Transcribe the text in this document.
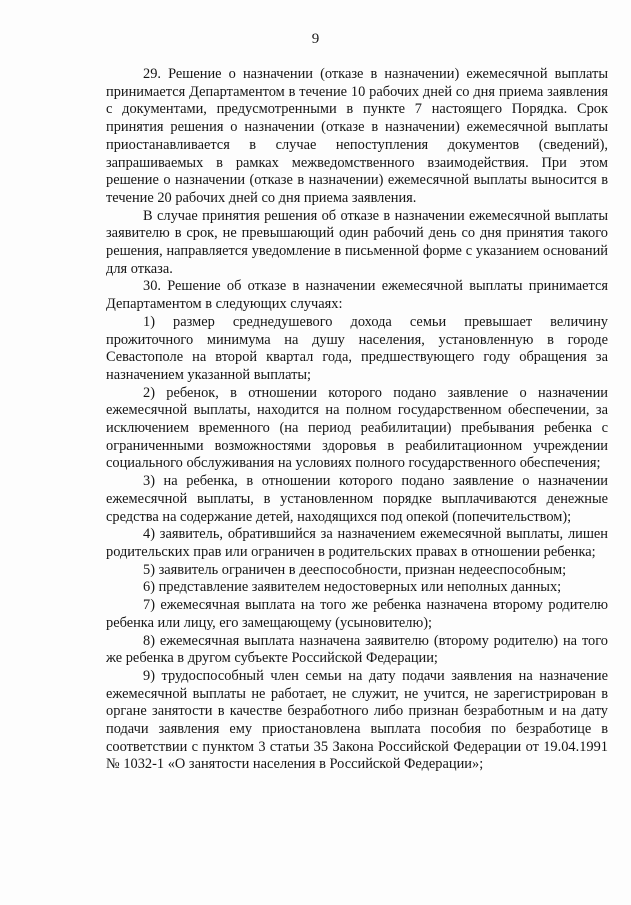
9

29. Решение о назначении (отказе в назначении) ежемесячной выплаты принимается Департаментом в течение 10 рабочих дней со дня приема заявления с документами, предусмотренными в пункте 7 настоящего Порядка. Срок принятия решения о назначении (отказе в назначении) ежемесячной выплаты приостанавливается в случае непоступления документов (сведений), запрашиваемых в рамках межведомственного взаимодействия. При этом решение о назначении (отказе в назначении) ежемесячной выплаты выносится в течение 20 рабочих дней со дня приема заявления.

В случае принятия решения об отказе в назначении ежемесячной выплаты заявителю в срок, не превышающий один рабочий день со дня принятия такого решения, направляется уведомление в письменной форме с указанием оснований для отказа.

30. Решение об отказе в назначении ежемесячной выплаты принимается Департаментом в следующих случаях:

1) размер среднедушевого дохода семьи превышает величину прожиточного минимума на душу населения, установленную в городе Севастополе на второй квартал года, предшествующего году обращения за назначением указанной выплаты;

2) ребенок, в отношении которого подано заявление о назначении ежемесячной выплаты, находится на полном государственном обеспечении, за исключением временного (на период реабилитации) пребывания ребенка с ограниченными возможностями здоровья в реабилитационном учреждении социального обслуживания на условиях полного государственного обеспечения;

3) на ребенка, в отношении которого подано заявление о назначении ежемесячной выплаты, в установленном порядке выплачиваются денежные средства на содержание детей, находящихся под опекой (попечительством);

4) заявитель, обратившийся за назначением ежемесячной выплаты, лишен родительских прав или ограничен в родительских правах в отношении ребенка;

5) заявитель ограничен в дееспособности, признан недееспособным;

6) представление заявителем недостоверных или неполных данных;

7) ежемесячная выплата на того же ребенка назначена второму родителю ребенка или лицу, его замещающему (усыновителю);

8) ежемесячная выплата назначена заявителю (второму родителю) на того же ребенка в другом субъекте Российской Федерации;

9) трудоспособный член семьи на дату подачи заявления на назначение ежемесячной выплаты не работает, не служит, не учится, не зарегистрирован в органе занятости в качестве безработного либо признан безработным и на дату подачи заявления ему приостановлена выплата пособия по безработице в соответствии с пунктом 3 статьи 35 Закона Российской Федерации от 19.04.1991 № 1032-1 «О занятости населения в Российской Федерации»;
